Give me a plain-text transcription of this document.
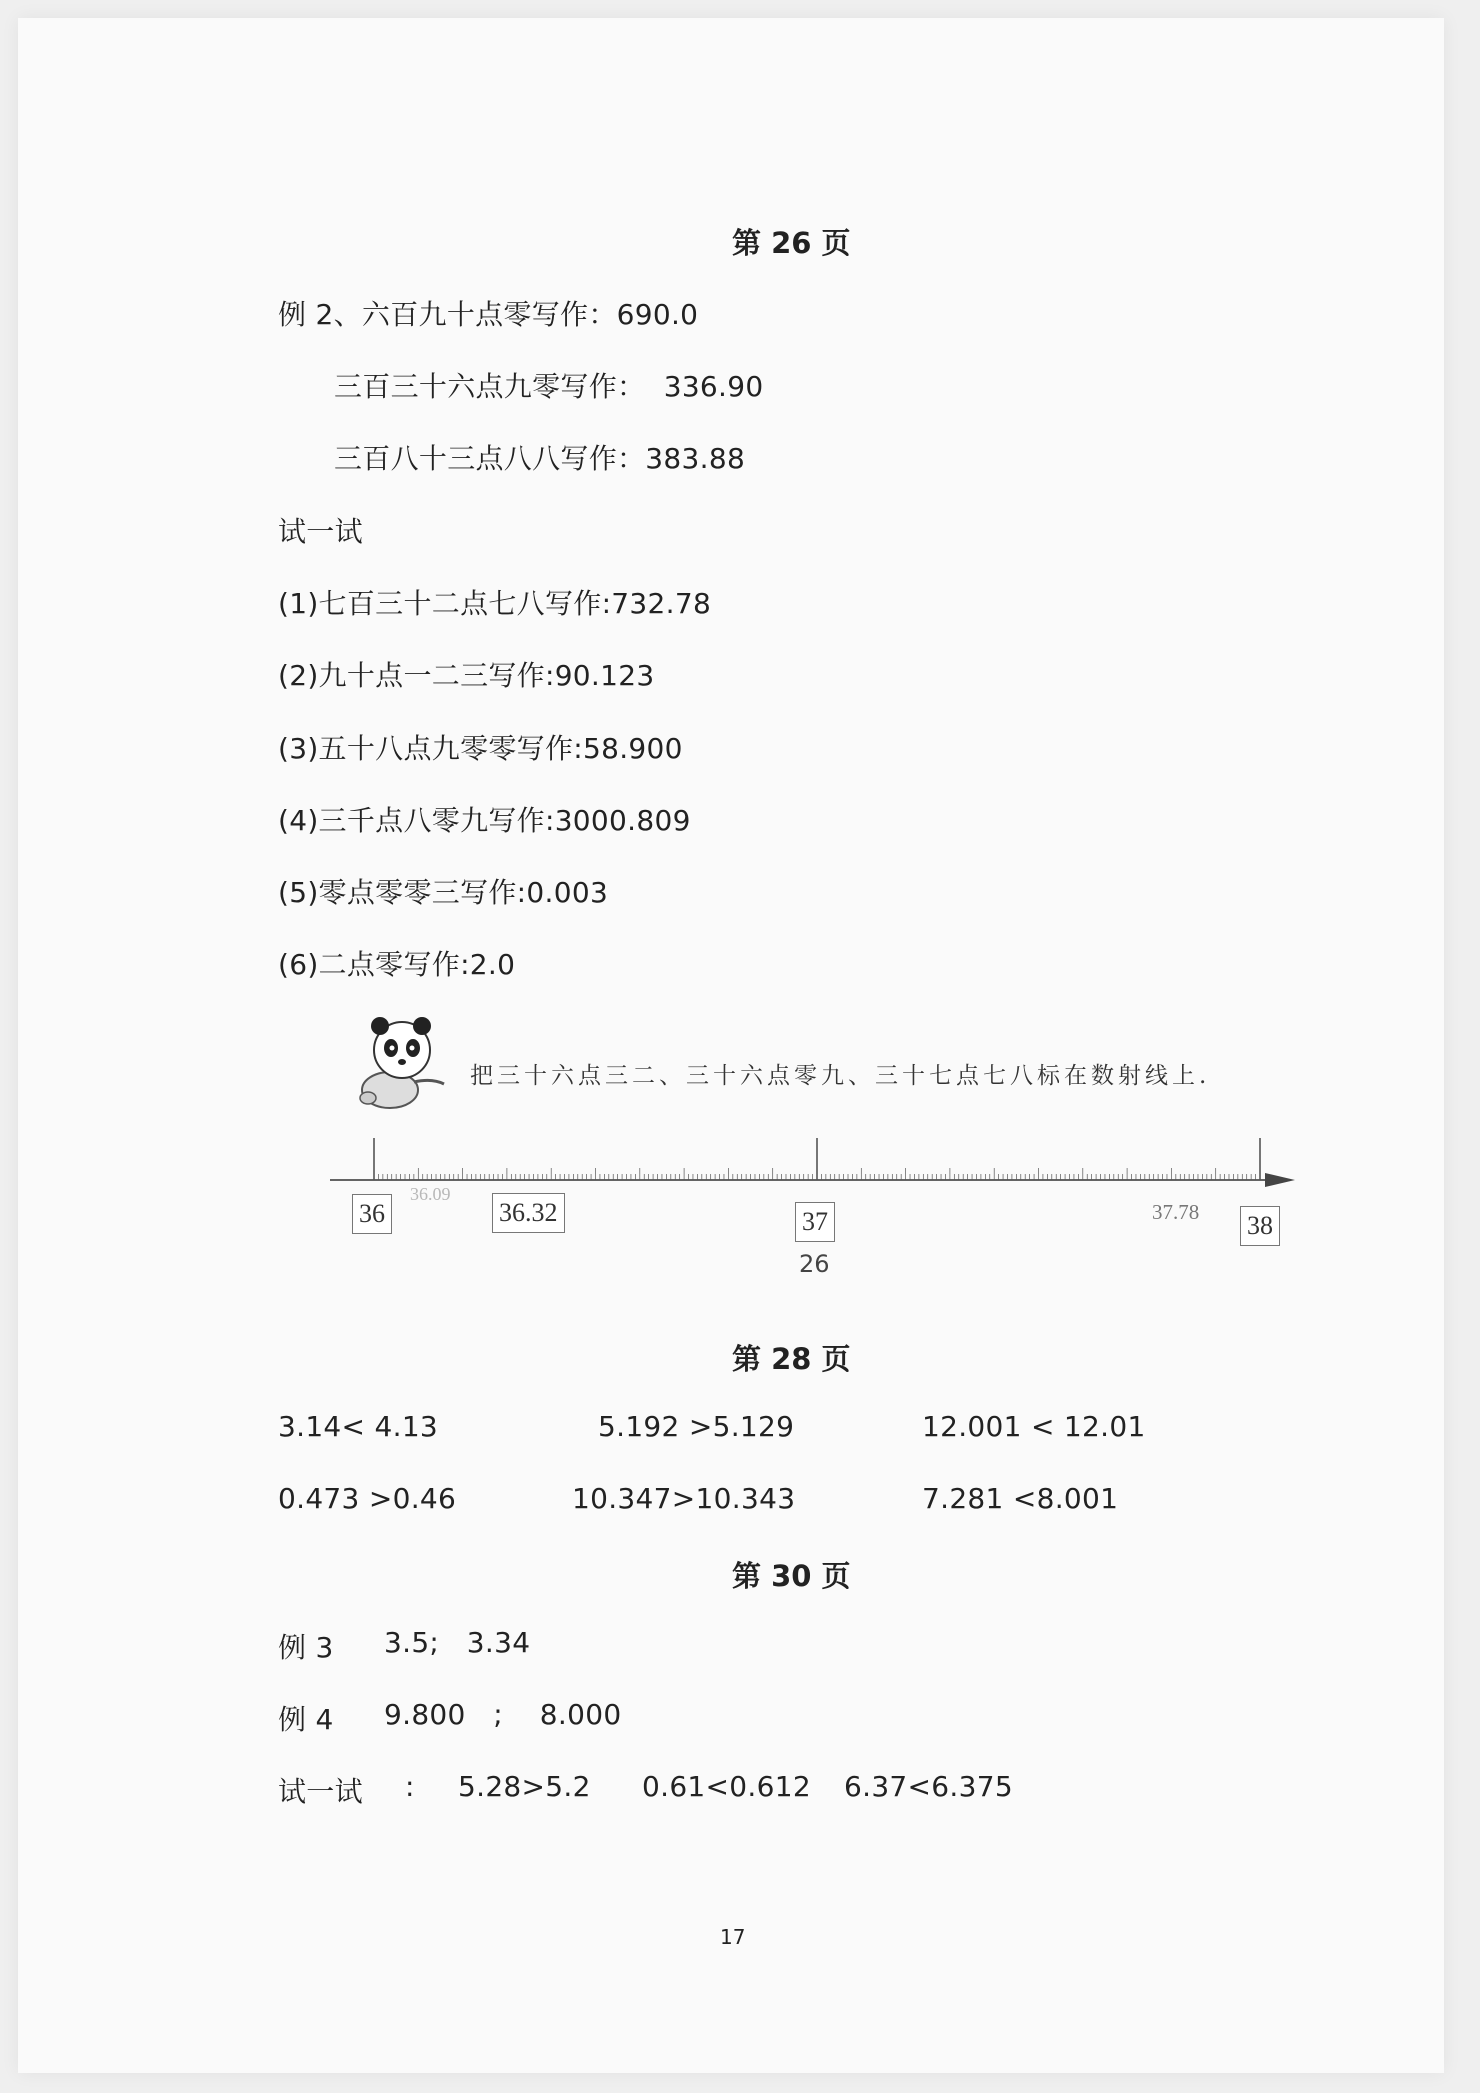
第 26 页
例 2、六百九十点零写作：690.0
三百三十六点九零写作：  336.90
三百八十三点八八写作：383.88
试一试
(1)七百三十二点七八写作:732.78
(2)九十点一二三写作:90.123
(3)五十八点九零零写作:58.900
(4)三千点八零九写作:3000.809
(5)零点零零三写作:0.003
(6)二点零写作:2.0
把三十六点三二、三十六点零九、三十七点七八标在数射线上.
36
36.09
36.32	37
26
37.78 38
第 28 页
3.14< 4.13	5.192 >5.129	12.001 < 12.01
0.473 >0.46	10.347>10.343	7.281 <8.001
第 30 页
例 3 3.5;   3.34
例 4 9.800   ;    8.000
试一试 : 5.28>5.2 0.61<0.612 6.37<6.375
17
